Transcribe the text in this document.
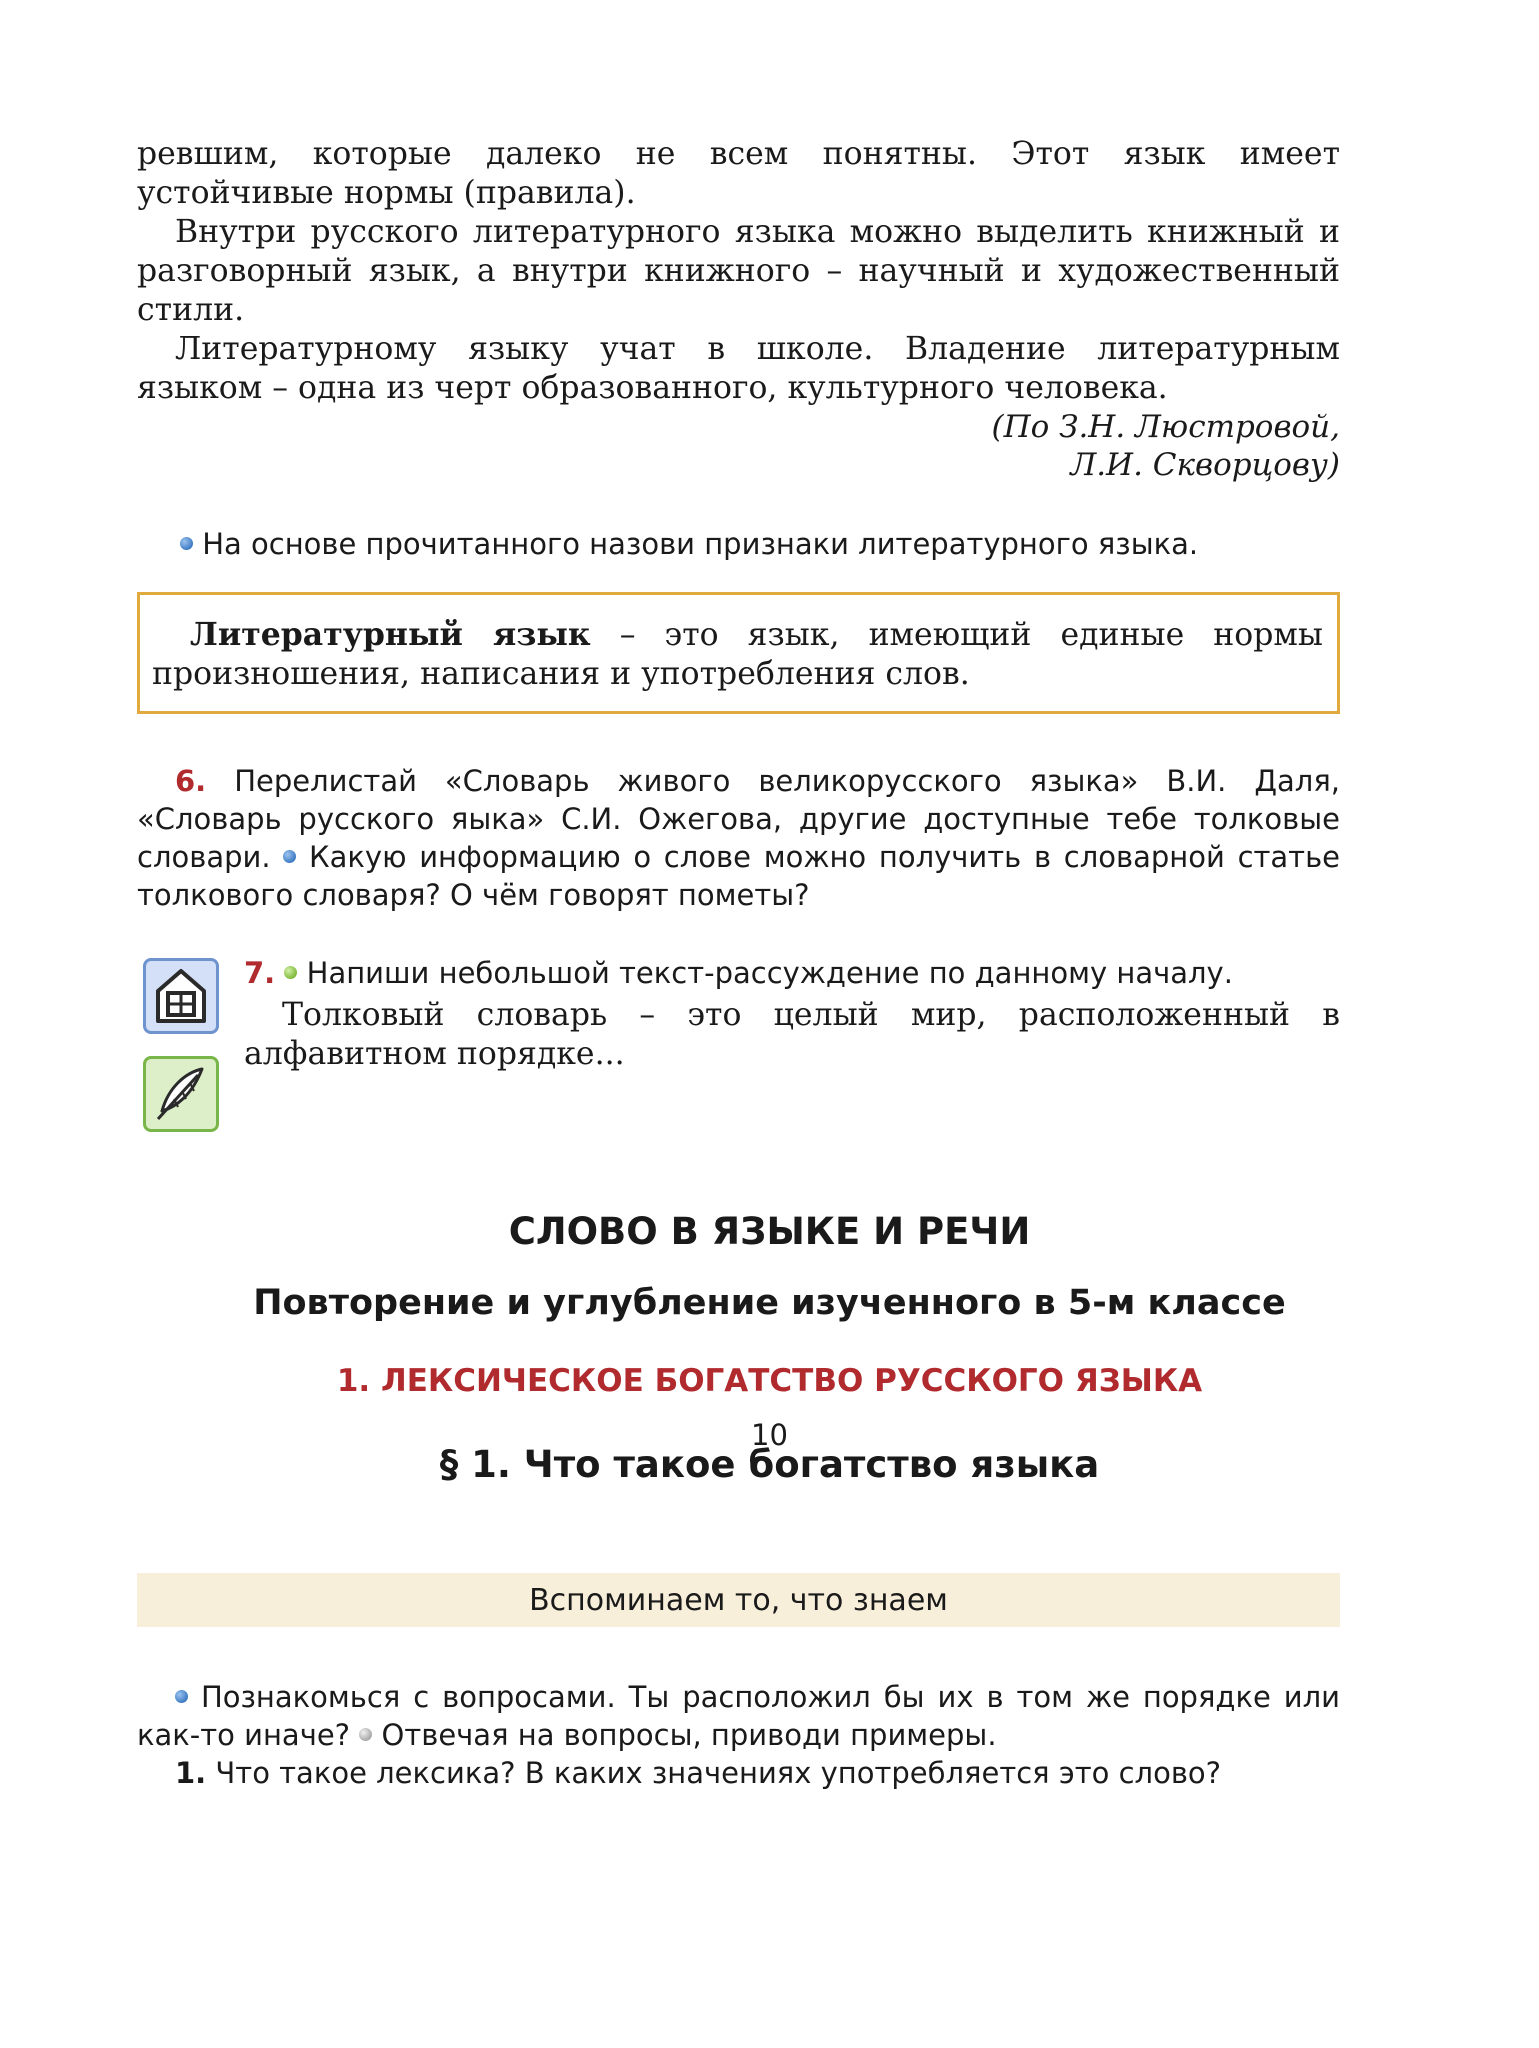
ревшим, которые далеко не всем понятны. Этот язык имеет устойчивые нормы (правила).

Внутри русского литературного языка можно выделить книжный и разговорный язык, а внутри книжного – научный и художественный стили.

Литературному языку учат в школе. Владение литературным языком – одна из черт образованного, культурного человека.

(По З.Н. Люстровой,

Л.И. Скворцову)

На основе прочитанного назови признаки литературного языка.

Литературный язык – это язык, имеющий единые нормы произношения, написания и употребления слов.

6. Перелистай «Словарь живого великорусского языка» В.И. Даля, «Словарь русского яыка» С.И. Ожегова, другие доступные тебе толковые словари. Какую информацию о слове можно получить в словарной статье толкового словаря? О чём говорят пометы?

7. Напиши небольшой текст-рассуждение по данному началу.

Толковый словарь – это целый мир, расположенный в алфавитном порядке...

СЛОВО В ЯЗЫКЕ И РЕЧИ

Повторение и углубление изученного в 5-м классе

1. ЛЕКСИЧЕСКОЕ БОГАТСТВО РУССКОГО ЯЗЫКА

§ 1. Что такое богатство языка

Вспоминаем то, что знаем

Познакомься с вопросами. Ты расположил бы их в том же порядке или как-то иначе? Отвечая на вопросы, приводи примеры.

1. Что такое лексика? В каких значениях употребляется это слово?

10
